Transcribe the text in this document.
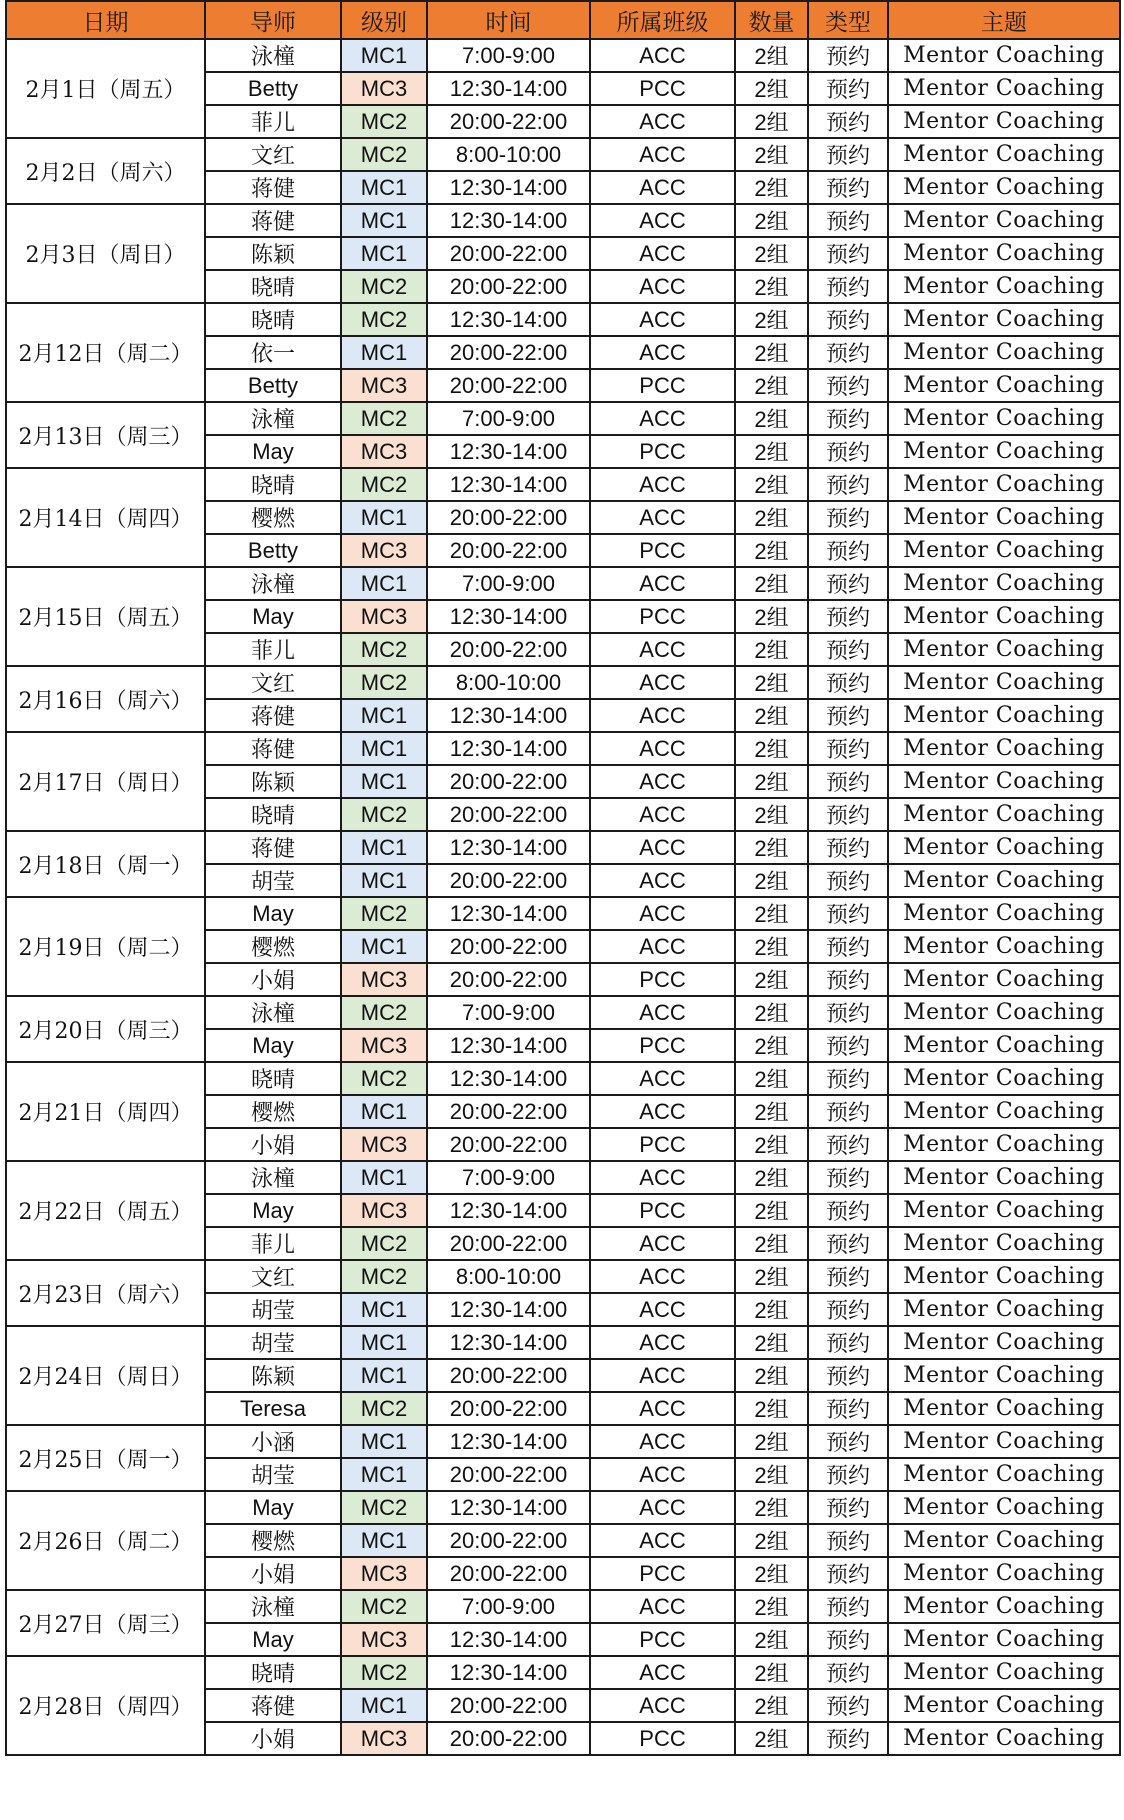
日期	导师	级别	时间	所属班级	数量	类型	主题
2月1日（周五）	泳橦	MC1	7:00-9:00	ACC	2组	预约	Mentor Coaching
	Betty	MC3	12:30-14:00	PCC	2组	预约	Mentor Coaching
	菲儿	MC2	20:00-22:00	ACC	2组	预约	Mentor Coaching
2月2日（周六）	文红	MC2	8:00-10:00	ACC	2组	预约	Mentor Coaching
	蒋健	MC1	12:30-14:00	ACC	2组	预约	Mentor Coaching
2月3日（周日）	蒋健	MC1	12:30-14:00	ACC	2组	预约	Mentor Coaching
	陈颖	MC1	20:00-22:00	ACC	2组	预约	Mentor Coaching
	晓晴	MC2	20:00-22:00	ACC	2组	预约	Mentor Coaching
2月12日（周二）	晓晴	MC2	12:30-14:00	ACC	2组	预约	Mentor Coaching
	依一	MC1	20:00-22:00	ACC	2组	预约	Mentor Coaching
	Betty	MC3	20:00-22:00	PCC	2组	预约	Mentor Coaching
2月13日（周三）	泳橦	MC2	7:00-9:00	ACC	2组	预约	Mentor Coaching
	May	MC3	12:30-14:00	PCC	2组	预约	Mentor Coaching
2月14日（周四）	晓晴	MC2	12:30-14:00	ACC	2组	预约	Mentor Coaching
	樱燃	MC1	20:00-22:00	ACC	2组	预约	Mentor Coaching
	Betty	MC3	20:00-22:00	PCC	2组	预约	Mentor Coaching
2月15日（周五）	泳橦	MC1	7:00-9:00	ACC	2组	预约	Mentor Coaching
	May	MC3	12:30-14:00	PCC	2组	预约	Mentor Coaching
	菲儿	MC2	20:00-22:00	ACC	2组	预约	Mentor Coaching
2月16日（周六）	文红	MC2	8:00-10:00	ACC	2组	预约	Mentor Coaching
	蒋健	MC1	12:30-14:00	ACC	2组	预约	Mentor Coaching
2月17日（周日）	蒋健	MC1	12:30-14:00	ACC	2组	预约	Mentor Coaching
	陈颖	MC1	20:00-22:00	ACC	2组	预约	Mentor Coaching
	晓晴	MC2	20:00-22:00	ACC	2组	预约	Mentor Coaching
2月18日（周一）	蒋健	MC1	12:30-14:00	ACC	2组	预约	Mentor Coaching
	胡莹	MC1	20:00-22:00	ACC	2组	预约	Mentor Coaching
2月19日（周二）	May	MC2	12:30-14:00	ACC	2组	预约	Mentor Coaching
	樱燃	MC1	20:00-22:00	ACC	2组	预约	Mentor Coaching
	小娟	MC3	20:00-22:00	PCC	2组	预约	Mentor Coaching
2月20日（周三）	泳橦	MC2	7:00-9:00	ACC	2组	预约	Mentor Coaching
	May	MC3	12:30-14:00	PCC	2组	预约	Mentor Coaching
2月21日（周四）	晓晴	MC2	12:30-14:00	ACC	2组	预约	Mentor Coaching
	樱燃	MC1	20:00-22:00	ACC	2组	预约	Mentor Coaching
	小娟	MC3	20:00-22:00	PCC	2组	预约	Mentor Coaching
2月22日（周五）	泳橦	MC1	7:00-9:00	ACC	2组	预约	Mentor Coaching
	May	MC3	12:30-14:00	PCC	2组	预约	Mentor Coaching
	菲儿	MC2	20:00-22:00	ACC	2组	预约	Mentor Coaching
2月23日（周六）	文红	MC2	8:00-10:00	ACC	2组	预约	Mentor Coaching
	胡莹	MC1	12:30-14:00	ACC	2组	预约	Mentor Coaching
2月24日（周日）	胡莹	MC1	12:30-14:00	ACC	2组	预约	Mentor Coaching
	陈颖	MC1	20:00-22:00	ACC	2组	预约	Mentor Coaching
	Teresa	MC2	20:00-22:00	ACC	2组	预约	Mentor Coaching
2月25日（周一）	小涵	MC1	12:30-14:00	ACC	2组	预约	Mentor Coaching
	胡莹	MC1	20:00-22:00	ACC	2组	预约	Mentor Coaching
2月26日（周二）	May	MC2	12:30-14:00	ACC	2组	预约	Mentor Coaching
	樱燃	MC1	20:00-22:00	ACC	2组	预约	Mentor Coaching
	小娟	MC3	20:00-22:00	PCC	2组	预约	Mentor Coaching
2月27日（周三）	泳橦	MC2	7:00-9:00	ACC	2组	预约	Mentor Coaching
	May	MC3	12:30-14:00	PCC	2组	预约	Mentor Coaching
2月28日（周四）	晓晴	MC2	12:30-14:00	ACC	2组	预约	Mentor Coaching
	蒋健	MC1	20:00-22:00	ACC	2组	预约	Mentor Coaching
	小娟	MC3	20:00-22:00	PCC	2组	预约	Mentor Coaching
